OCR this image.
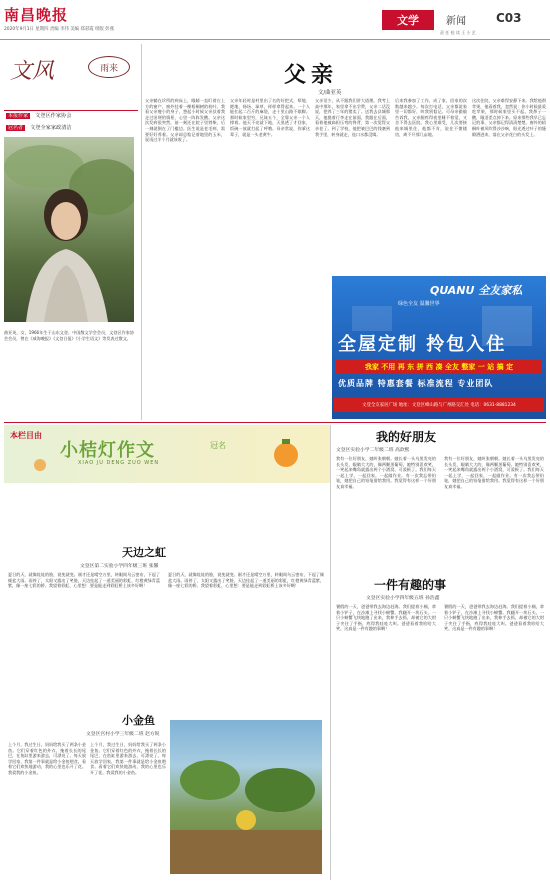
南昌晚报
2020年9月1日 星期四 责编 李伟 美编 郑彩霞 组版 彭燕
文学	新闻	C03
责 任 校 读 王 小 艺
文风	雨来
本报作家 文登区作家协会
冠名者 文登全家家政清洁
曲亚英，女，1966年生于山东文登。中国散文学会会员，文登区作家协会会员，曾在《威海晚报》《文登日报》《小学生语文》等发表过散文。
父亲
文/曲亚英
父亲躺在诊所的病床上，眼睛一直盯着右上方的窗户，窗外挂着一棵梧桐树的枝叶。我看父亲瘦小的身子，想起小时候父亲驮着我走过田埂的情景，心里一阵阵发酸。父亲这次发病很突然，前一刻还在院子里劈柴，后一刻就倒在了门槛边。医生说是老毛病，需要好好养着。父亲却总惦记着地里的玉米，说再过半个月就该收了。
父亲年轻时是村里出了名的好把式，犁地、耙地、扬场、垛草，样样拿得起来。一个人能扛起二百斤的麻袋，走十里山路不歇脚。那时候家里穷，兄妹五个，全靠父亲一个人撑着。他天不亮就下地，天黑透了才回家，饭碗一放就打起了呼噜。母亲常说，你爹这辈子，就是一头老黄牛。
父亲话少，从不跟我们讲大道理。我考上高中那年，家里拿不出学费，父亲二话没说，把养了三年的猪卖了。送我去县城那天，他挑着行李走在前面，我跟在后面，看着他被扁担压弯的脊背，第一次觉得父亲老了。到了学校，他把皱巴巴的钱塞到我手里，转身就走，连口水都没喝。
后来我参加了工作，成了家，回家的次数越来越少。每次打电话，父亲都说家里一切都好，叫我别惦记。可母亲偷偷告诉我，父亲腿疼得夜里睡不着觉，又舍不得去医院。我心里难受，几次要接他来城里住，他都不肯，说住不惯楼房，离不开那几亩地。
这次住院，父亲难得安静下来。我给他削苹果，他看着我，忽然说：你小时候最爱吃苹果，那时候家里买不起。我鼻子一酸，眼泪差点掉下来。原来那些我早已忘记的事，父亲都记得清清楚楚。窗外的梧桐叶被风吹得沙沙响，阳光透过叶子的缝隙洒进来，落在父亲花白的头发上。
QUANU 全友家私
绿色全友 温馨世界
全屋定制 拎包入住
我家 不用 再 东 拼 西 凑 全友 整家 一 站 搞 定
优质品牌 特惠套餐 标准流程 专业团队
文登全友家居广场 地址：文登区峰山路与广州路交汇处 电话：0631-8881234
本栏目由
小桔灯作文
XIAO JU DENG ZUO WEN
冠名
我的好朋友
文登区实验小学二年级二班 高歆熙
我有一位好朋友，她叫张朝朝。她长着一头乌黑发亮的长头发，眼睛大大的，像两颗黑葡萄。她特别喜欢笑，一笑起来嘴角就露出两个小酒窝，可爱极了。我们每天一起上学，一起回家，一起做作业。有一次我忘带铅笔，她把自己的铅笔借给我用。我觉得有这样一个好朋友真幸福。
我有一位好朋友，她叫张朝朝。她长着一头乌黑发亮的长头发，眼睛大大的，像两颗黑葡萄。她特别喜欢笑，一笑起来嘴角就露出两个小酒窝，可爱极了。我们每天一起上学，一起回家，一起做作业。有一次我忘带铅笔，她把自己的铅笔借给我用。我觉得有这样一个好朋友真幸福。
天边之虹
文登区第二实验小学四年级三班 张馨
夏日的天，就像娃娃的脸，说变就变。刚才还是晴空万里，转眼间乌云密布，下起了倾盆大雨。雨停了，太阳又露出了笑脸，天边挂起了一道美丽的彩虹，红橙黄绿青蓝紫，像一座七彩的桥。我望着彩虹，心里想：要是能走到彩虹桥上该多好啊！
夏日的天，就像娃娃的脸，说变就变。刚才还是晴空万里，转眼间乌云密布，下起了倾盆大雨。雨停了，太阳又露出了笑脸，天边挂起了一道美丽的彩虹，红橙黄绿青蓝紫，像一座七彩的桥。我望着彩虹，心里想：要是能走到彩虹桥上该多好啊！	一件有趣的事
文登区实验小学四年级五班 孙浩鑫
暑假的一天，爸爸带我去海边赶海。我们提着小桶，拿着小铲子，在沙滩上寻找小螃蟹。我翻开一块石头，一只小螃蟹飞快地跑了出来，我伸手去抓，却被它的大钳子夹住了手指，疼得我哇哇大叫。爸爸看着我哈哈大笑。这真是一件有趣的事啊！
暑假的一天，爸爸带我去海边赶海。我们提着小桶，拿着小铲子，在沙滩上寻找小螃蟹。我翻开一块石头，一只小螃蟹飞快地跑了出来，我伸手去抓，却被它的大钳子夹住了手指，疼得我哇哇大叫。爸爸看着我哈哈大笑。这真是一件有趣的事啊！
小金鱼
文登区宫村小学三年级二班 赵方锐
上个月，我过生日，妈妈给我买了两条小金鱼。它们穿着红色的外衣，拖着长长的尾巴，在鱼缸里游来游去，可漂亮了。每天放学回家，我第一件事就是给小金鱼喂食。看着它们欢快地游动，我的心里也乐开了花。我爱我的小金鱼。
上个月，我过生日，妈妈给我买了两条小金鱼。它们穿着红色的外衣，拖着长长的尾巴，在鱼缸里游来游去，可漂亮了。每天放学回家，我第一件事就是给小金鱼喂食。看着它们欢快地游动，我的心里也乐开了花。我爱我的小金鱼。
